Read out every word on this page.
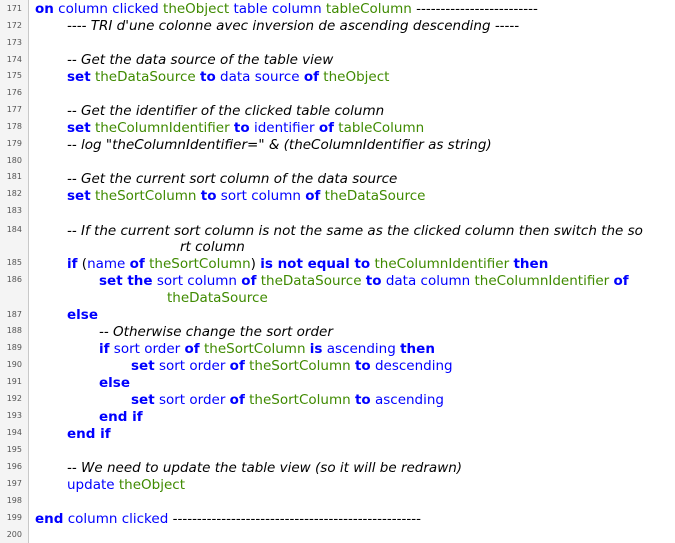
171
172
173
174
175
176
177
178
179
180
181
182
183
184
185
186
187
188
189
190
191
192
193
194
195
196
197
198
199
200
on column clicked theObject table column tableColumn -------------------------
---- TRI d'une colonne avec inversion de ascending descending -----
-- Get the data source of the table view
set theDataSource to data source of theObject
-- Get the identifier of the clicked table column
set theColumnIdentifier to identifier of tableColumn
-- log "theColumnIdentifier=" & (theColumnIdentifier as string)
-- Get the current sort column of the data source
set theSortColumn to sort column of theDataSource
-- If the current sort column is not the same as the clicked column then switch the so
if (name of theSortColumn) is not equal to theColumnIdentifier then
set the sort column of theDataSource to data column theColumnIdentifier of
else
-- Otherwise change the sort order
if sort order of theSortColumn is ascending then
set sort order of theSortColumn to descending
else
set sort order of theSortColumn to ascending
end if
end if
-- We need to update the table view (so it will be redrawn)
update theObject
end column clicked ---------------------------------------------------
rt column
theDataSource
